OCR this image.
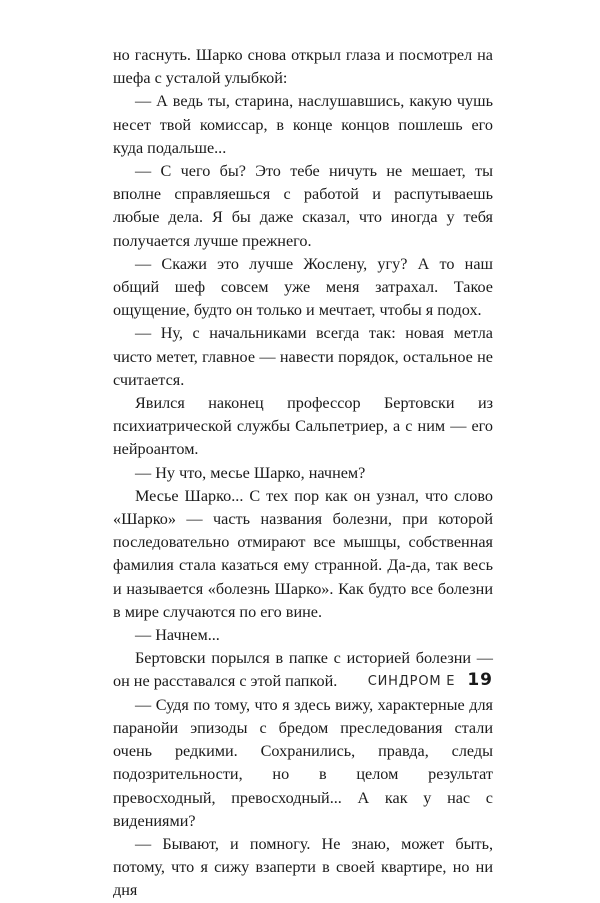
но гаснуть. Шарко снова открыл глаза и посмотрел на шефа с усталой улыбкой:

— А ведь ты, старина, наслушавшись, какую чушь несет твой комиссар, в конце концов пошлешь его куда подальше...

— С чего бы? Это тебе ничуть не мешает, ты вполне справляешься с работой и распутываешь любые дела. Я бы даже сказал, что иногда у тебя получается лучше прежнего.

— Скажи это лучше Жослену, угу? А то наш общий шеф совсем уже меня затрахал. Такое ощущение, будто он только и мечтает, чтобы я подох.

— Ну, с начальниками всегда так: новая метла чисто метет, главное — навести порядок, остальное не считается.

Явился наконец профессор Бертовски из психиатрической службы Сальпетриер, а с ним — его нейроантом.

— Ну что, месье Шарко, начнем?

Месье Шарко... С тех пор как он узнал, что слово «Шарко» — часть названия болезни, при которой последовательно отмирают все мышцы, собственная фамилия стала казаться ему странной. Да-да, так весь и называется «болезнь Шарко». Как будто все болезни в мире случаются по его вине.

— Начнем...

Бертовски порылся в папке с историей болезни — он не расставался с этой папкой.

— Судя по тому, что я здесь вижу, характерные для паранойи эпизоды с бредом преследования стали очень редкими. Сохранились, правда, следы подозрительности, но в целом результат превосходный, превосходный... А как у нас с видениями?

— Бывают, и помногу. Не знаю, может быть, потому, что я сижу взаперти в своей квартире, но ни дня

СИНДРОМ Е 19
